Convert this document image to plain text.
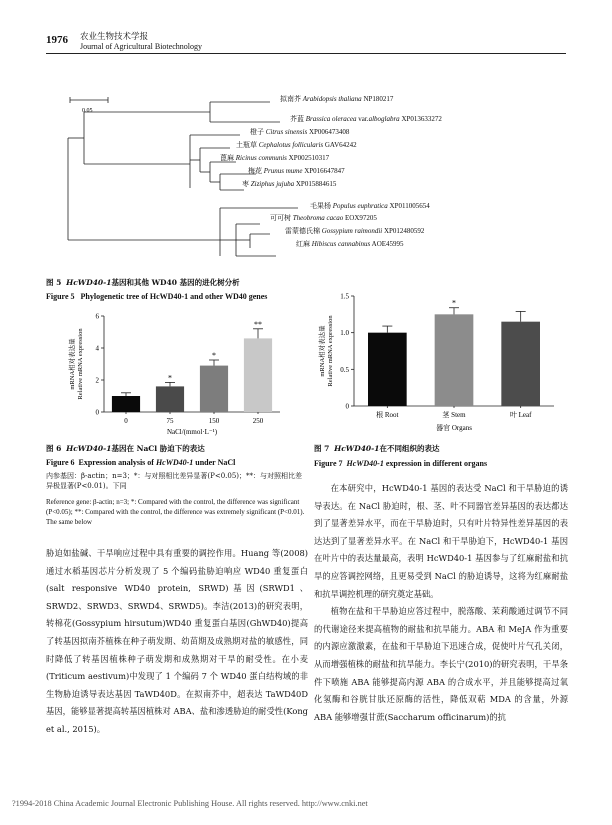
1976 农业生物技术学报
Journal of Agricultural Biotechnology
0.05
拟南芥 Arabidopsis thaliana NP180217
芥蓝 Brassica oleracea var.alboglabra XP013633272
橙子 Citrus sinensis XP006473408
土瓶草 Cephalotus follicularis GAV64242
蓖麻 Ricinus communis XP002510317
梅花 Prunus mume XP016647847
枣 Ziziphus jujuba XP015884615
毛果杨 Populus euphratica XP011005654
可可树 Theobroma cacao EOX97205
雷蒙德氏棉 Gossypium raimondii XP012480592
红麻 Hibiscus cannabinus AOE45995
图 5 HcWD40-1基因和其他 WD40 基因的进化树分析
Figure 5 Phylogenetic tree of HcWD40-1 and other WD40 genes
0
2
4
6
mRNA相对表达量 Relative mRNA expression
0
*
75
*
150
**
250
NaCl/(mmol·L⁻¹)
0
0.5
1.0
1.5
mRNA相对表达量 Relative mRNA expression
根 Root
*
茎 Stem	叶 Leaf
器官 Organs
图 6 HcWD40-1基因在 NaCl 胁迫下的表达
Figure 6 Expression analysis of HcWD40-1 under NaCl
内参基因：β-actin；n=3；*：与对照相比差异显著(P<0.05)；**：与对照相比差异极显著(P<0.01)。下同
Reference gene: β-actin; n=3; *: Compared with the control, the difference was significant (P<0.05); **: Compared with the control, the difference was extremely significant (P<0.01). The same below
图 7 HcWD40-1在不同组织的表达
Figure 7 HcWD40-1 expression in different organs

胁迫如盐碱、干旱响应过程中具有重要的调控作用。Huang 等(2008)通过水稻基因芯片分析发现了 5 个编码盐胁迫响应 WD40 重复蛋白(salt responsive WD40 protein, SRWD)基因(SRWD1、SRWD2、SRWD3、SRWD4、SRWD5)。李洁(2013)的研究表明，转棉花(Gossypium hirsutum)WD40 重复蛋白基因(GhWD40)提高了转基因拟南芥植株在种子萌发期、幼苗期及成熟期对盐的敏感性，同时降低了转基因植株种子萌发期和成熟期对干旱的耐受性。在小麦(Triticum aestivum)中发现了 1 个编码 7 个 WD40 蛋白结构域的非生物胁迫诱导表达基因 TaWD40D。在拟南芥中，超表达 TaWD40D 基因，能够显著提高转基因植株对 ABA、盐和渗透胁迫的耐受性(Kong et al., 2015)。

在本研究中，HcWD40-1 基因的表达受 NaCl 和干旱胁迫的诱导表达。在 NaCl 胁迫时，根、茎、叶不同器官差异基因的表达都达到了显著差异水平，而在干旱胁迫时，只有叶片特异性差异基因的表达达到了显著差异水平。在 NaCl 和干旱胁迫下，HcWD40-1 基因在叶片中的表达量最高，表明 HcWD40-1 基因参与了红麻耐盐和抗旱的应答调控网络，且更易受到 NaCl 的胁迫诱导，这将为红麻耐盐和抗旱调控机理的研究奠定基础。

植物在盐和干旱胁迫应答过程中，脱落酸、茉莉酸通过调节不同的代谢途径来提高植物的耐盐和抗旱能力。ABA 和 MeJA 作为重要的内源应激激素，在盐和干旱胁迫下迅速合成，促使叶片气孔关闭，从而增强植株的耐盐和抗旱能力。李长宁(2010)的研究表明，干旱条件下喷施 ABA 能够提高内源 ABA 的合成水平，并且能够提高过氧化氢酶和谷胱甘肽还原酶的活性，降低双萜 MDA 的含量，外源 ABA 能够增强甘蔗(Saccharum officinarum)的抗

?1994-2018 China Academic Journal Electronic Publishing House. All rights reserved. http://www.cnki.net
